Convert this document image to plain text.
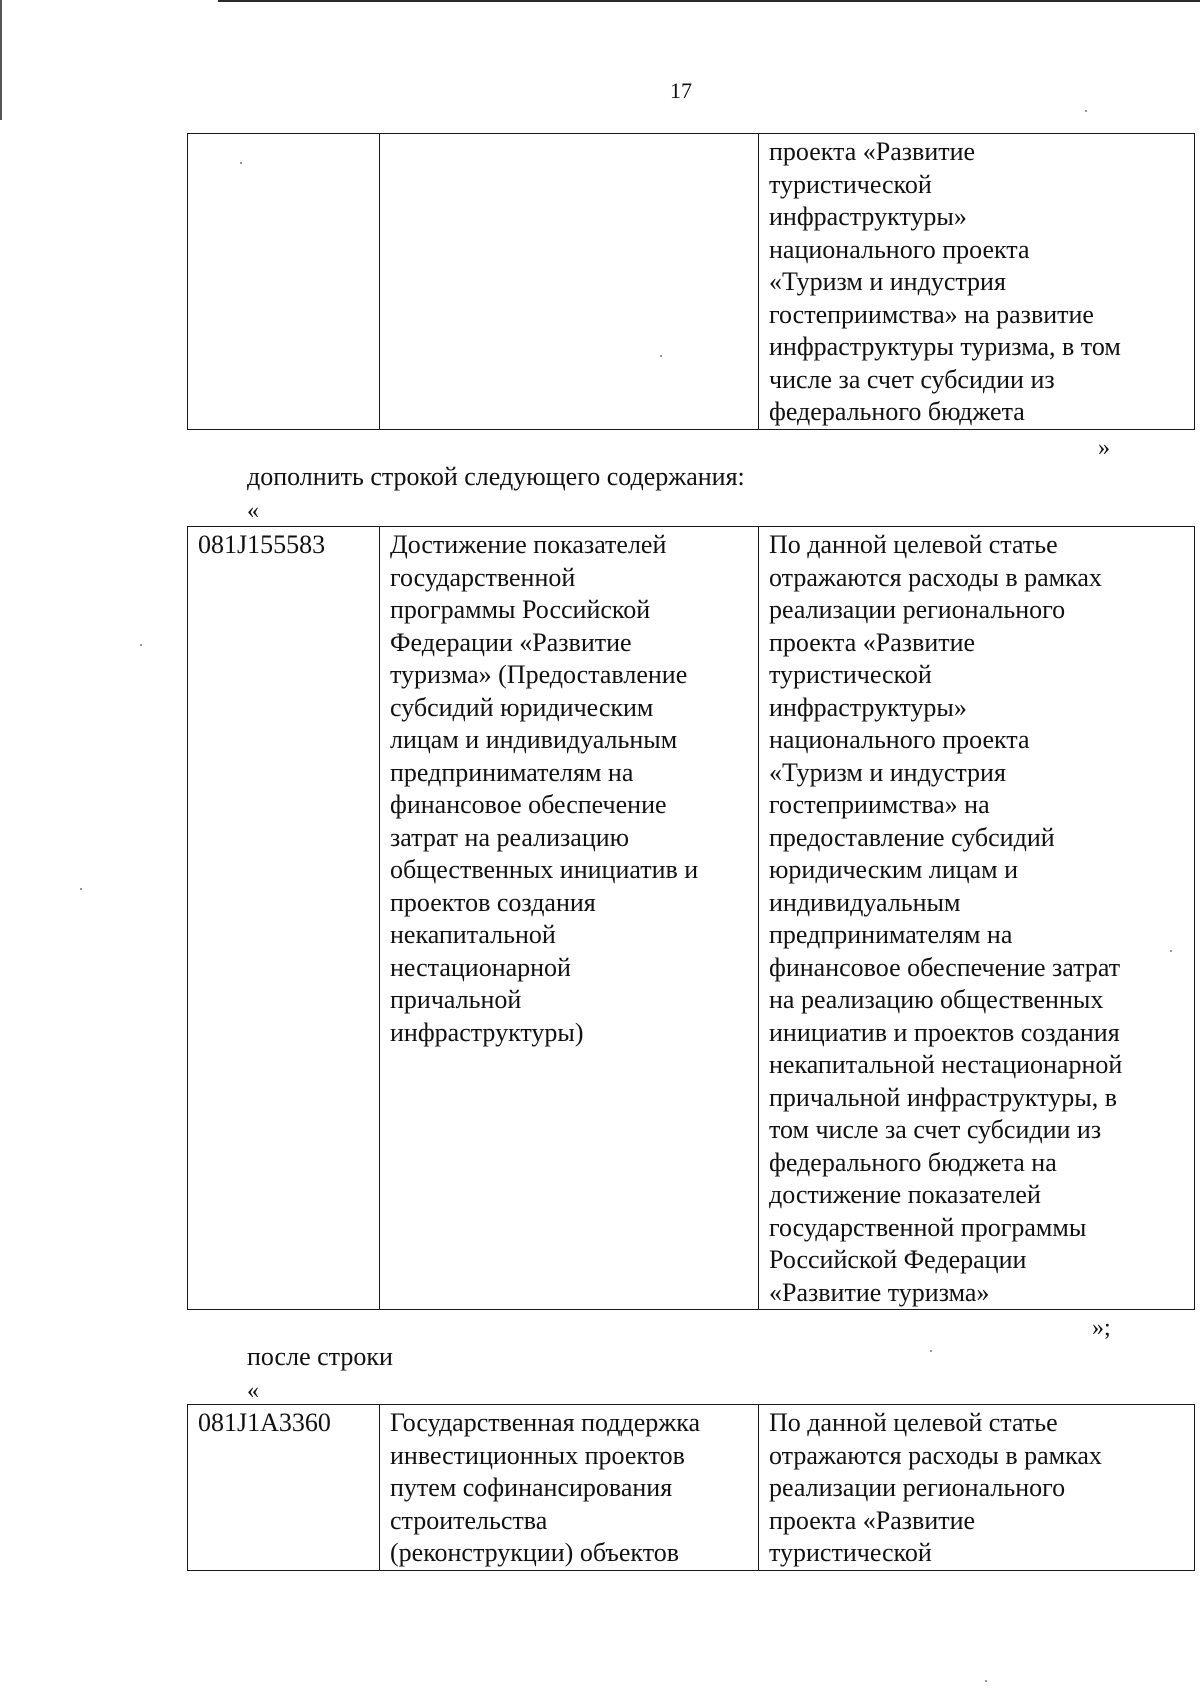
17
		проекта «Развитие
туристической
инфраструктуры»
национального проекта
«Туризм и индустрия
гостеприимства» на развитие
инфраструктуры туризма, в том
числе за счет субсидии из
федерального бюджета
»
дополнить строкой следующего содержания:
«
081J155583	Достижение показателей
государственной
программы Российской
Федерации «Развитие
туризма» (Предоставление
субсидий юридическим
лицам и индивидуальным
предпринимателям на
финансовое обеспечение
затрат на реализацию
общественных инициатив и
проектов создания
некапитальной
нестационарной
причальной
инфраструктуры)	По данной целевой статье
отражаются расходы в рамках
реализации регионального
проекта «Развитие
туристической
инфраструктуры»
национального проекта
«Туризм и индустрия
гостеприимства» на
предоставление субсидий
юридическим лицам и
индивидуальным
предпринимателям на
финансовое обеспечение затрат
на реализацию общественных
инициатив и проектов создания
некапитальной нестационарной
причальной инфраструктуры, в
том числе за счет субсидии из
федерального бюджета на
достижение показателей
государственной программы
Российской Федерации
«Развитие туризма»
»;
после строки
«
081J1A3360	Государственная поддержка
инвестиционных проектов
путем софинансирования
строительства
(реконструкции) объектов	По данной целевой статье
отражаются расходы в рамках
реализации регионального
проекта «Развитие
туристической
